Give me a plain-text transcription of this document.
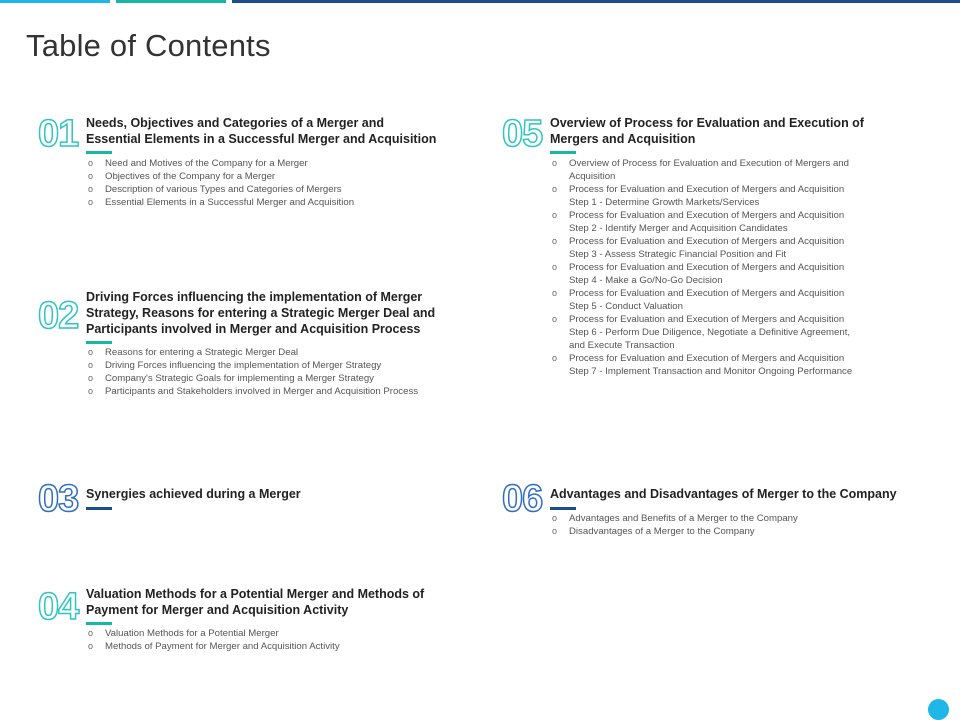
Table of Contents
01 Needs, Objectives and Categories of a Merger and
Essential Elements in a Successful Merger and Acquisition
o Need and Motives of the Company for a Merger
o Objectives of the Company for a Merger
o Description of various Types and Categories of Mergers
o Essential Elements in a Successful Merger and Acquisition
02 Driving Forces influencing the implementation of Merger
Strategy, Reasons for entering a Strategic Merger Deal and
Participants involved in Merger and Acquisition Process
o Reasons for entering a Strategic Merger Deal
o Driving Forces influencing the implementation of Merger Strategy
o Company's Strategic Goals for implementing a Merger Strategy
o Participants and Stakeholders involved in Merger and Acquisition Process
03 Synergies achieved during a Merger
04 Valuation Methods for a Potential Merger and Methods of
Payment for Merger and Acquisition Activity
o Valuation Methods for a Potential Merger
o Methods of Payment for Merger and Acquisition Activity
05 Overview of Process for Evaluation and Execution of
Mergers and Acquisition
o Overview of Process for Evaluation and Execution of Mergers and
Acquisition
o Process for Evaluation and Execution of Mergers and Acquisition
Step 1 - Determine Growth Markets/Services
o Process for Evaluation and Execution of Mergers and Acquisition
Step 2 - Identify Merger and Acquisition Candidates
o Process for Evaluation and Execution of Mergers and Acquisition
Step 3 - Assess Strategic Financial Position and Fit
o Process for Evaluation and Execution of Mergers and Acquisition
Step 4 - Make a Go/No-Go Decision
o Process for Evaluation and Execution of Mergers and Acquisition
Step 5 - Conduct Valuation
o Process for Evaluation and Execution of Mergers and Acquisition
Step 6 - Perform Due Diligence, Negotiate a Definitive Agreement,
and Execute Transaction
o Process for Evaluation and Execution of Mergers and Acquisition
Step 7 - Implement Transaction and Monitor Ongoing Performance
06 Advantages and Disadvantages of Merger to the Company
o Advantages and Benefits of a Merger to the Company
o Disadvantages of a Merger to the Company
